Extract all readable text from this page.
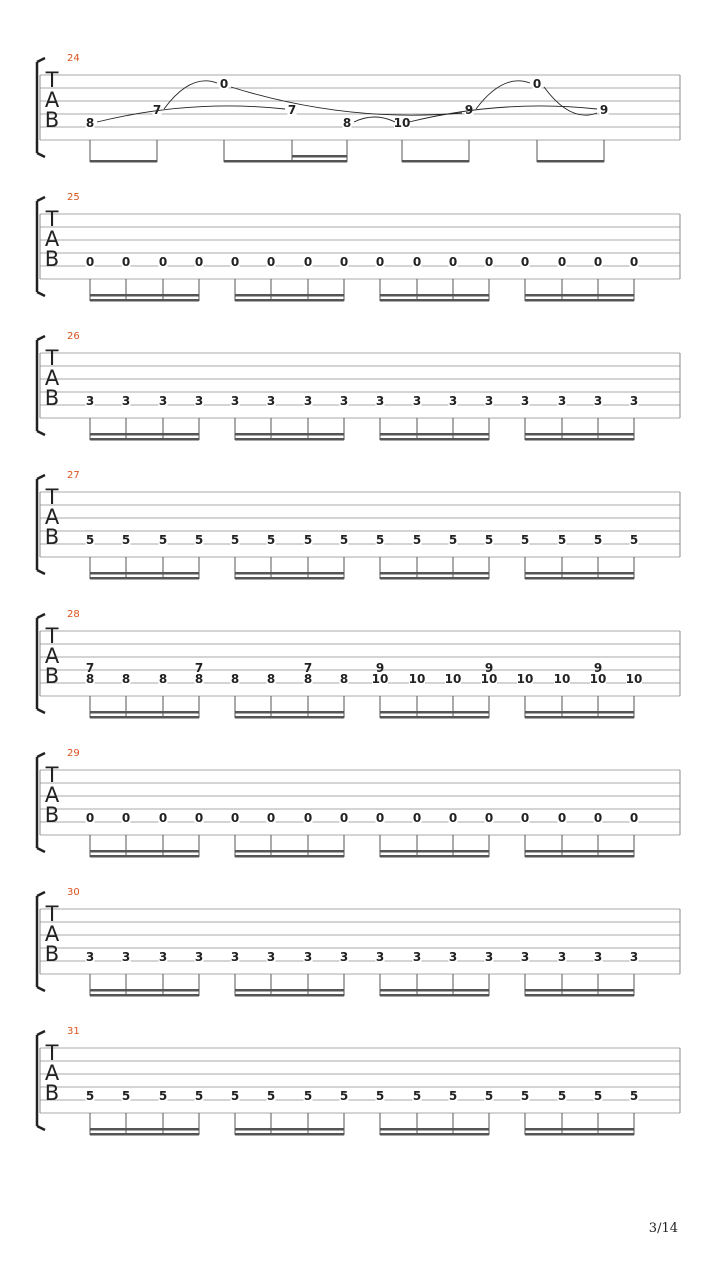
24
T
A
B 8
7
0
7
8	10
9
0
9
25
T
A
B 0 0 0 0 0 0 0 0 0 0 0 0 0 0 0 0
26
T
A
B 3 3 3 3 3 3 3 3 3 3 3 3 3 3 3 3
27
T
A
B 5 5 5 5 5 5 5 5 5 5 5 5 5 5 5 5
28
T
A
B 8
7
8 8 8
7
8 8 8
7
8 10
9
10 10 10
9
10 10 10
9
10
29
T
A
B 0 0 0 0 0 0 0 0 0 0 0 0 0 0 0 0
30
T
A
B 3 3 3 3 3 3 3 3 3 3 3 3 3 3 3 3
31
T
A
B 5 5 5 5 5 5 5 5 5 5 5 5 5 5 5 5
3/14
